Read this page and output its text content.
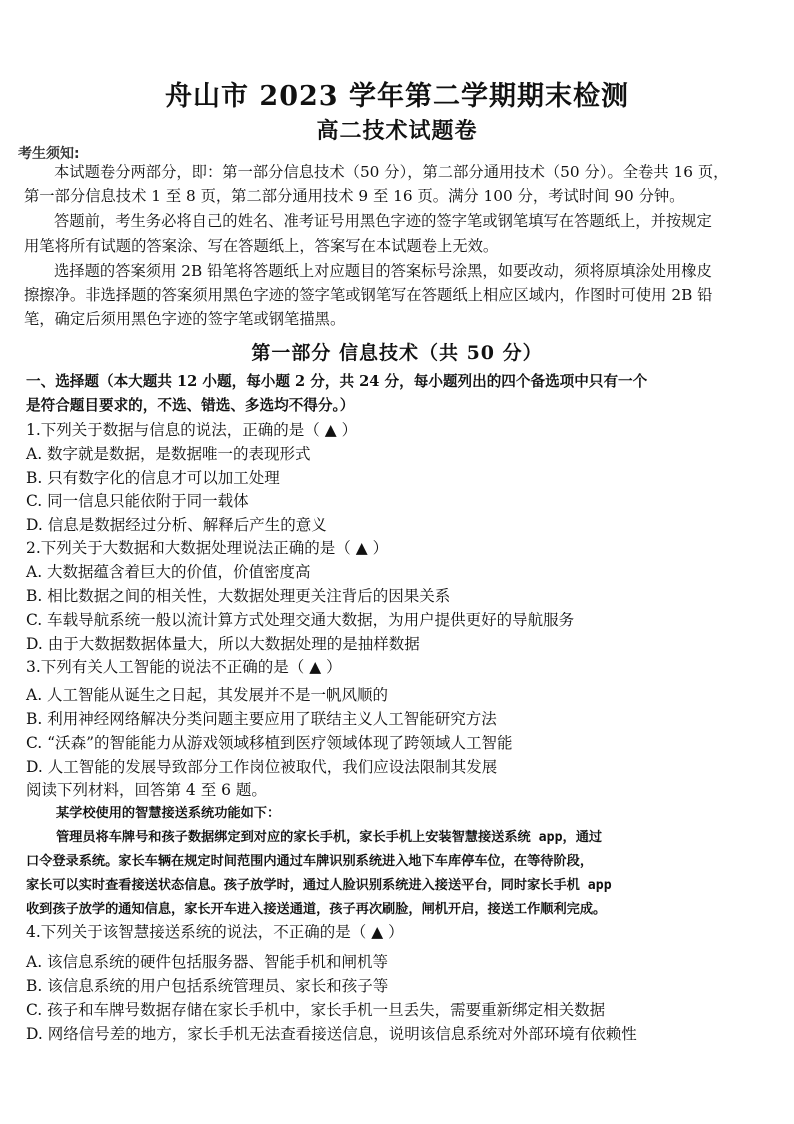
舟山市 2023 学年第二学期期末检测
高二技术试题卷
考生须知:
本试题卷分两部分，即：第一部分信息技术（50 分），第二部分通用技术（50 分）。全卷共 16 页，
第一部分信息技术 1 至 8 页，第二部分通用技术 9 至 16 页。满分 100 分，考试时间 90 分钟。
答题前，考生务必将自己的姓名、准考证号用黑色字迹的签字笔或钢笔填写在答题纸上，并按规定
用笔将所有试题的答案涂、写在答题纸上，答案写在本试题卷上无效。
选择题的答案须用 2B 铅笔将答题纸上对应题目的答案标号涂黑，如要改动，须将原填涂处用橡皮
擦擦净。非选择题的答案须用黑色字迹的签字笔或钢笔写在答题纸上相应区域内，作图时可使用 2B 铅
笔，确定后须用黑色字迹的签字笔或钢笔描黑。
第一部分 信息技术（共 50 分）
一、选择题（本大题共 12 小题，每小题 2 分，共 24 分，每小题列出的四个备选项中只有一个
是符合题目要求的，不选、错选、多选均不得分。）
1.下列关于数据与信息的说法，正确的是（ ▲ ）
A. 数字就是数据，是数据唯一的表现形式
B. 只有数字化的信息才可以加工处理
C. 同一信息只能依附于同一载体
D. 信息是数据经过分析、解释后产生的意义
2.下列关于大数据和大数据处理说法正确的是（ ▲ ）
A. 大数据蕴含着巨大的价值，价值密度高
B. 相比数据之间的相关性，大数据处理更关注背后的因果关系
C. 车载导航系统一般以流计算方式处理交通大数据，为用户提供更好的导航服务
D. 由于大数据数据体量大，所以大数据处理的是抽样数据
3.下列有关人工智能的说法不正确的是（ ▲ ）
A. 人工智能从诞生之日起，其发展并不是一帆风顺的
B. 利用神经网络解决分类问题主要应用了联结主义人工智能研究方法
C. “沃森”的智能能力从游戏领域移植到医疗领域体现了跨领域人工智能
D. 人工智能的发展导致部分工作岗位被取代，我们应设法限制其发展
阅读下列材料，回答第 4 至 6 题。
某学校使用的智慧接送系统功能如下：
管理员将车牌号和孩子数据绑定到对应的家长手机，家长手机上安装智慧接送系统 app，通过
口令登录系统。家长车辆在规定时间范围内通过车牌识别系统进入地下车库停车位，在等待阶段，
家长可以实时查看接送状态信息。孩子放学时，通过人脸识别系统进入接送平台，同时家长手机 app
收到孩子放学的通知信息，家长开车进入接送通道，孩子再次刷脸，闸机开启，接送工作顺利完成。
4.下列关于该智慧接送系统的说法，不正确的是（ ▲ ）
A. 该信息系统的硬件包括服务器、智能手机和闸机等
B. 该信息系统的用户包括系统管理员、家长和孩子等
C. 孩子和车牌号数据存储在家长手机中，家长手机一旦丢失，需要重新绑定相关数据
D. 网络信号差的地方，家长手机无法查看接送信息，说明该信息系统对外部环境有依赖性
